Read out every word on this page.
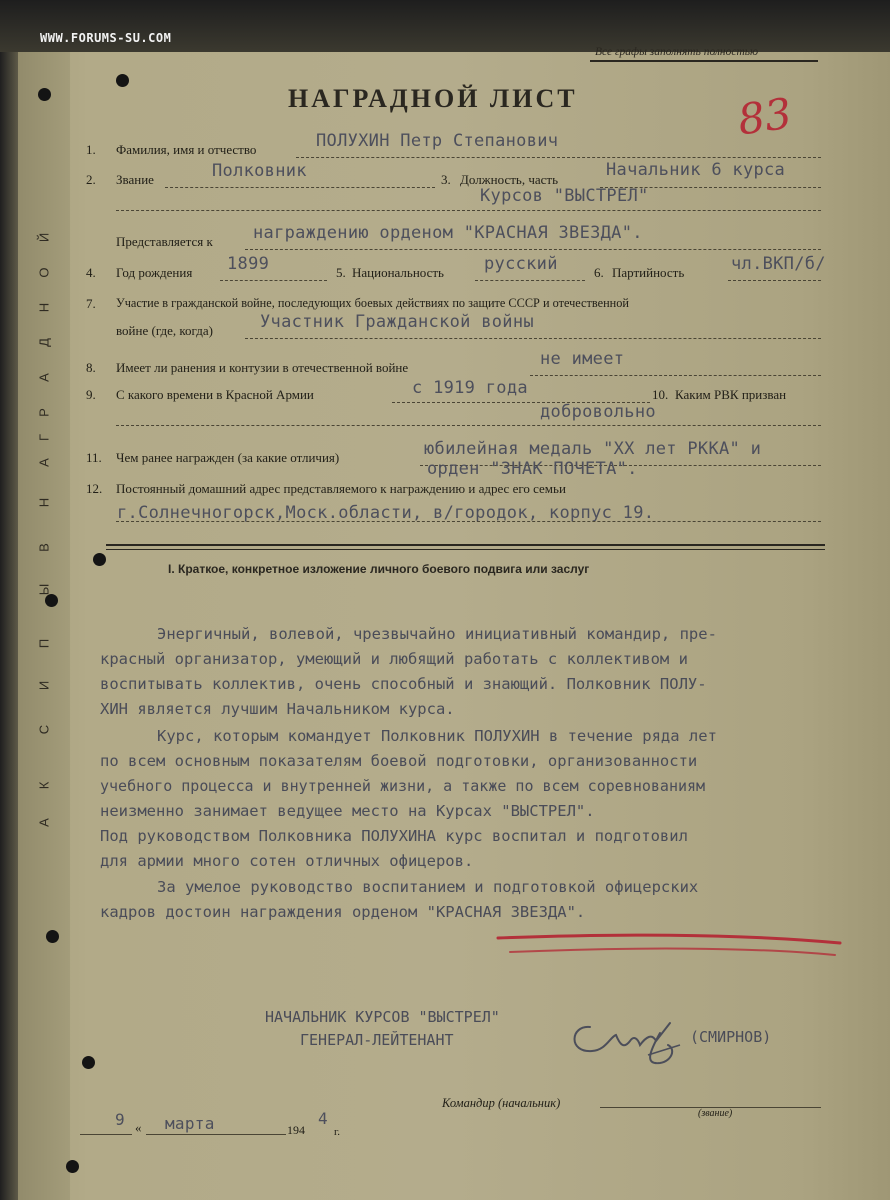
WWW.FORUMS-SU.COM
А
К
С
И
П
Ы
В
Н
А
Г
Р
А
Д
Н
О
Й
Все графы заполнять полностью
НАГРАДНОЙ ЛИСТ	83
1. Фамилия, имя и отчество	ПОЛУХИН Петр Степанович
2. Звание	Полковник	3. Должность, часть	Начальник 6 курса
Курсов "ВЫСТРЕЛ"
Представляется к награждению орденом "КРАСНАЯ ЗВЕЗДА".
4. Год рождения 1899	5. Национальность русский	6. Партийность	чл.ВКП/б/
7. Участие в гражданской войне, последующих боевых действиях по защите СССР и отечественной
войне (где, когда)	Участник Гражданской войны
8. Имеет ли ранения и контузии в отечественной войне	не имеет
9. С какого времени в Красной Армии	с 1919 года	10. Каким РВК призван
добровольно
11. Чем ранее награжден (за какие отличия)	юбилейная медаль "XX лет РККА" и
орден "ЗНАК ПОЧЕТА".
12. Постоянный домашний адрес представляемого к награждению и адрес его семьи
г.Солнечногорск,Моск.области, в/городок, корпус 19.
I. Краткое, конкретное изложение личного боевого подвига или заслуг
Энергичный, волевой, чрезвычайно инициативный командир, пре-
красный организатор, умеющий и любящий работать с коллективом и
воспитывать коллектив, очень способный и знающий. Полковник ПОЛУ-
ХИН является лучшим Начальником курса.
Курс, которым командует Полковник ПОЛУХИН в течение ряда лет
по всем основным показателям боевой подготовки, организованности
учебного процесса и внутренней жизни, а также по всем соревнованиям
неизменно занимает ведущее место на Курсах "ВЫСТРЕЛ".
Под руководством Полковника ПОЛУХИНА курс воспитал и подготовил
для армии много сотен отличных офицеров.
За умелое руководство воспитанием и подготовкой офицерских
кадров достоин награждения орденом "КРАСНАЯ ЗВЕЗДА".
НАЧАЛЬНИК КУРСОВ "ВЫСТРЕЛ"
ГЕНЕРАЛ-ЛЕЙТЕНАНТ	(СМИРНОВ)
Командир (начальник)
(звание)
9 « марта	194
4
г.
